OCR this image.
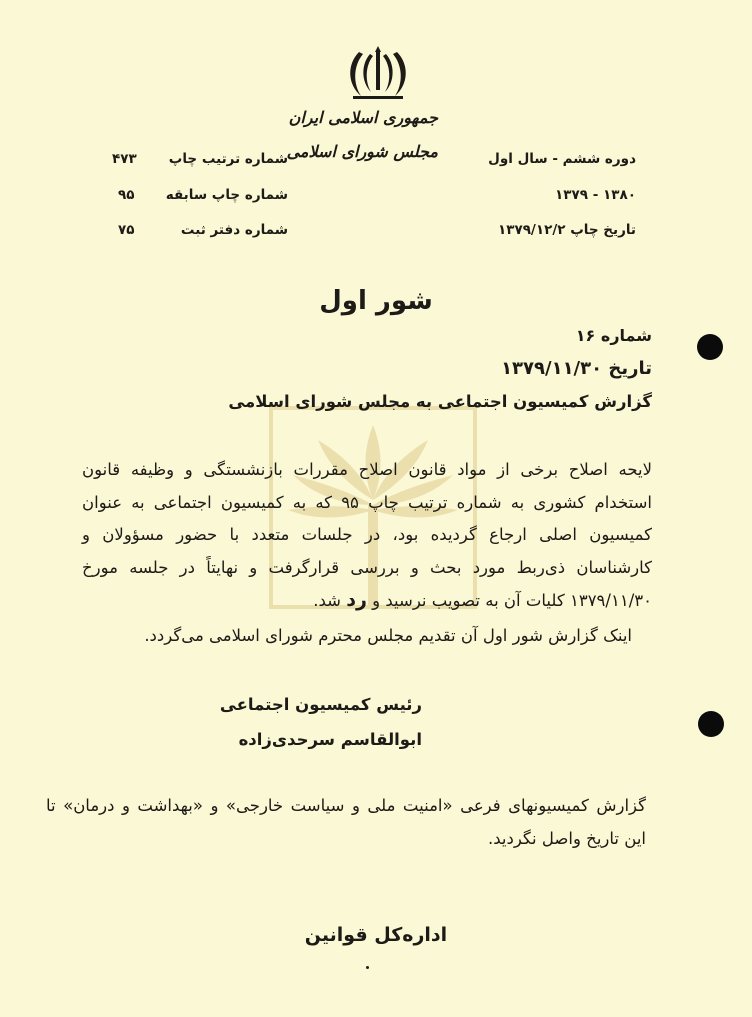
جمهوری اسلامی ایران
مجلس شورای اسلامی
شماره ترتیب چاپ
۴۷۳
شماره چاپ سابقه
۹۵
شماره دفتر ثبت
۷۵
دوره ششم - سال اول
۱۳۸۰ - ۱۳۷۹
تاریخ چاپ ۱۳۷۹/۱۲/۲
شور اول
شماره ۱۶
تاریخ ۱۳۷۹/۱۱/۳۰
گزارش کمیسیون اجتماعی به مجلس شورای اسلامی
لایحه اصلاح برخی از مواد قانون اصلاح مقررات بازنشستگی و وظیفه قانون استخدام کشوری به شماره ترتیب چاپ ۹۵ که به کمیسیون اجتماعی به عنوان کمیسیون اصلی ارجاع گردیده بود، در جلسات متعدد با حضور مسؤولان و کارشناسان ذی‌ربط مورد بحث و بررسی قرارگرفت و نهایتاً در جلسه مورخ ۱۳۷۹/۱۱/۳۰ کلیات آن به تصویب نرسید و رد شد.
اینک گزارش شور اول آن تقدیم مجلس محترم شورای اسلامی می‌گردد.
رئیس کمیسیون اجتماعی
ابوالقاسم سرحدی‌زاده
گزارش کمیسیونهای فرعی «امنیت ملی و سیاست خارجی» و «بهداشت و درمان» تا این تاریخ واصل نگردید.
اداره‌کل قوانین
